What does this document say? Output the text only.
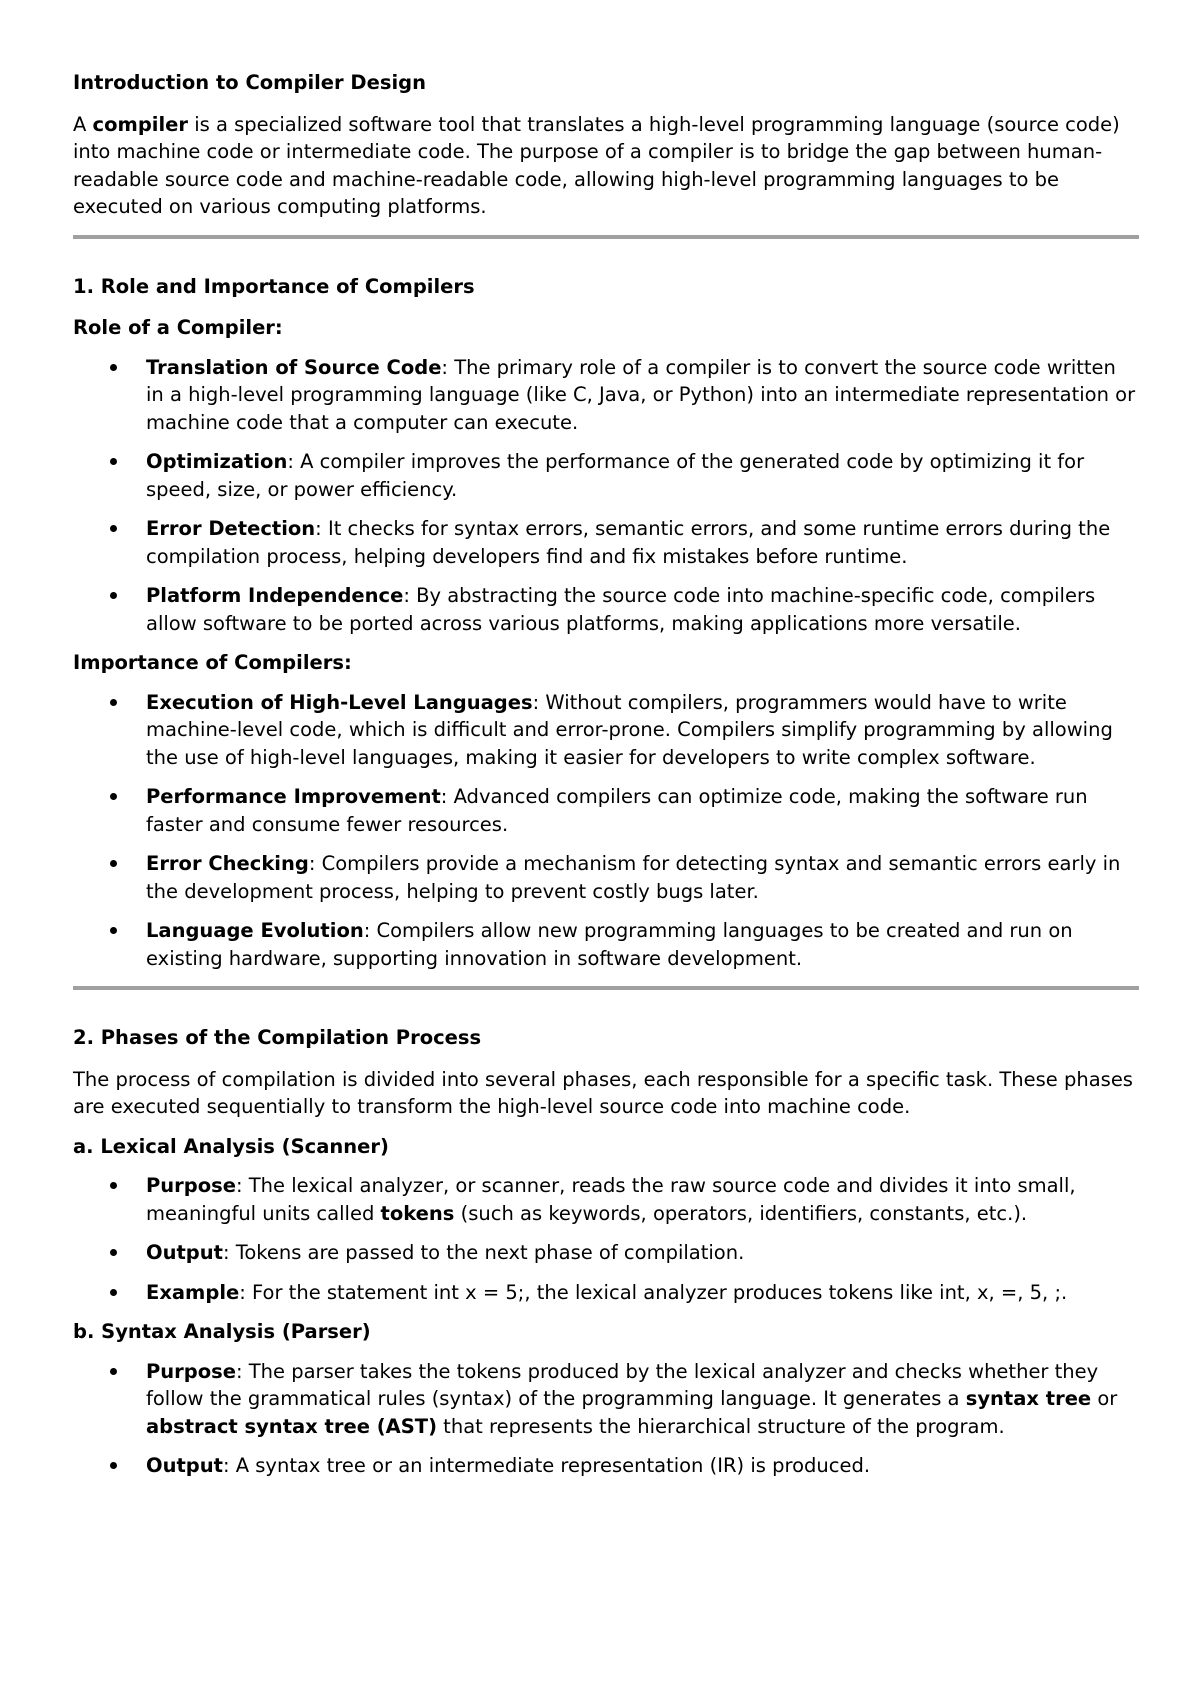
Introduction to Compiler Design

A compiler is a specialized software tool that translates a high-level programming language (source code) into machine code or intermediate code. The purpose of a compiler is to bridge the gap between human-readable source code and machine-readable code, allowing high-level programming languages to be executed on various computing platforms.

1. Role and Importance of Compilers

Role of a Compiler:

Translation of Source Code: The primary role of a compiler is to convert the source code written in a high-level programming language (like C, Java, or Python) into an intermediate representation or machine code that a computer can execute.
Optimization: A compiler improves the performance of the generated code by optimizing it for speed, size, or power efficiency.
Error Detection: It checks for syntax errors, semantic errors, and some runtime errors during the compilation process, helping developers find and fix mistakes before runtime.
Platform Independence: By abstracting the source code into machine-specific code, compilers allow software to be ported across various platforms, making applications more versatile.

Importance of Compilers:

Execution of High-Level Languages: Without compilers, programmers would have to write machine-level code, which is difficult and error-prone. Compilers simplify programming by allowing the use of high-level languages, making it easier for developers to write complex software.
Performance Improvement: Advanced compilers can optimize code, making the software run faster and consume fewer resources.
Error Checking: Compilers provide a mechanism for detecting syntax and semantic errors early in the development process, helping to prevent costly bugs later.
Language Evolution: Compilers allow new programming languages to be created and run on existing hardware, supporting innovation in software development.

2. Phases of the Compilation Process

The process of compilation is divided into several phases, each responsible for a specific task. These phases are executed sequentially to transform the high-level source code into machine code.

a. Lexical Analysis (Scanner)

Purpose: The lexical analyzer, or scanner, reads the raw source code and divides it into small, meaningful units called tokens (such as keywords, operators, identifiers, constants, etc.).
Output: Tokens are passed to the next phase of compilation.
Example: For the statement int x = 5;, the lexical analyzer produces tokens like int, x, =, 5, ;.

b. Syntax Analysis (Parser)

Purpose: The parser takes the tokens produced by the lexical analyzer and checks whether they follow the grammatical rules (syntax) of the programming language. It generates a syntax tree or abstract syntax tree (AST) that represents the hierarchical structure of the program.
Output: A syntax tree or an intermediate representation (IR) is produced.
